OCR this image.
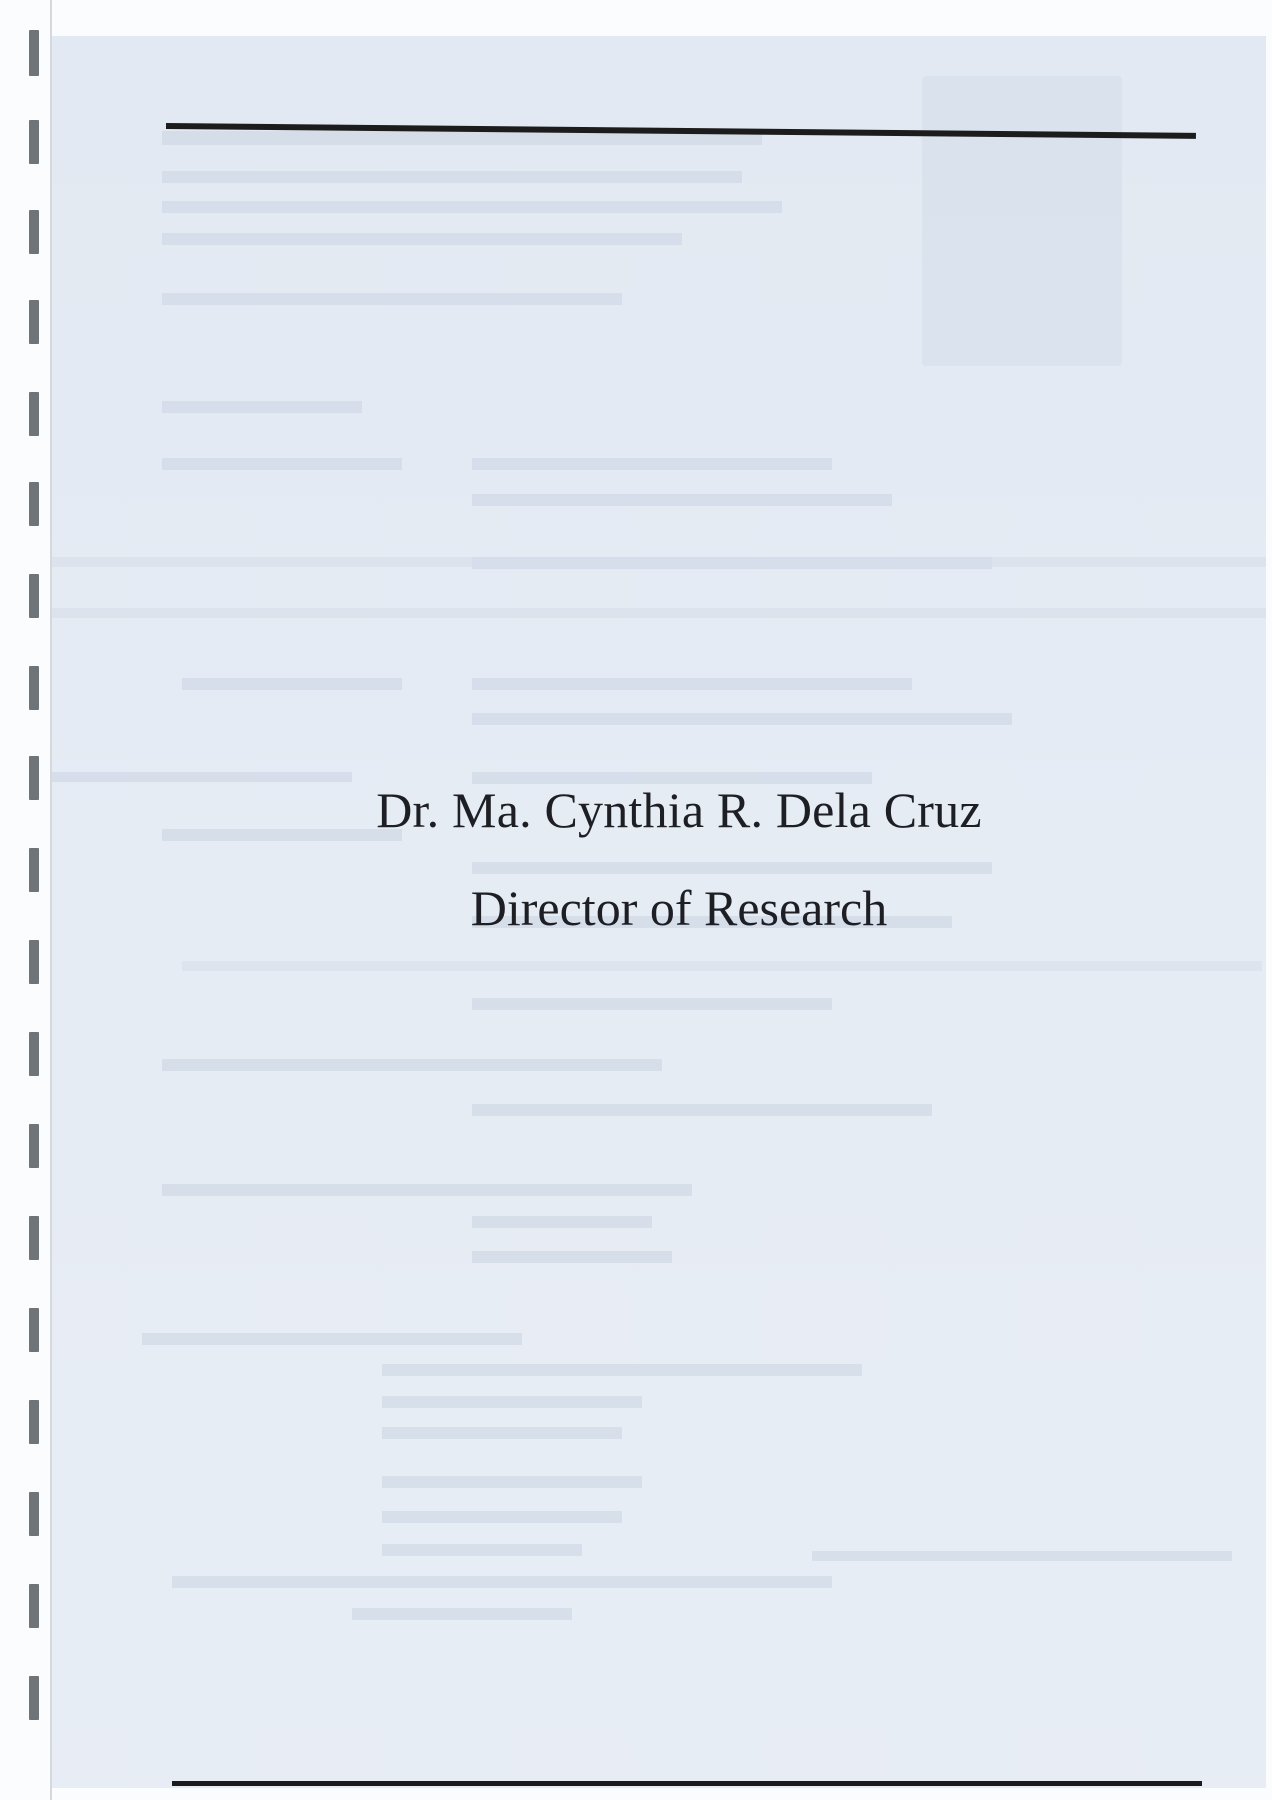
Dr. Ma. Cynthia R. Dela Cruz
Director of Research
